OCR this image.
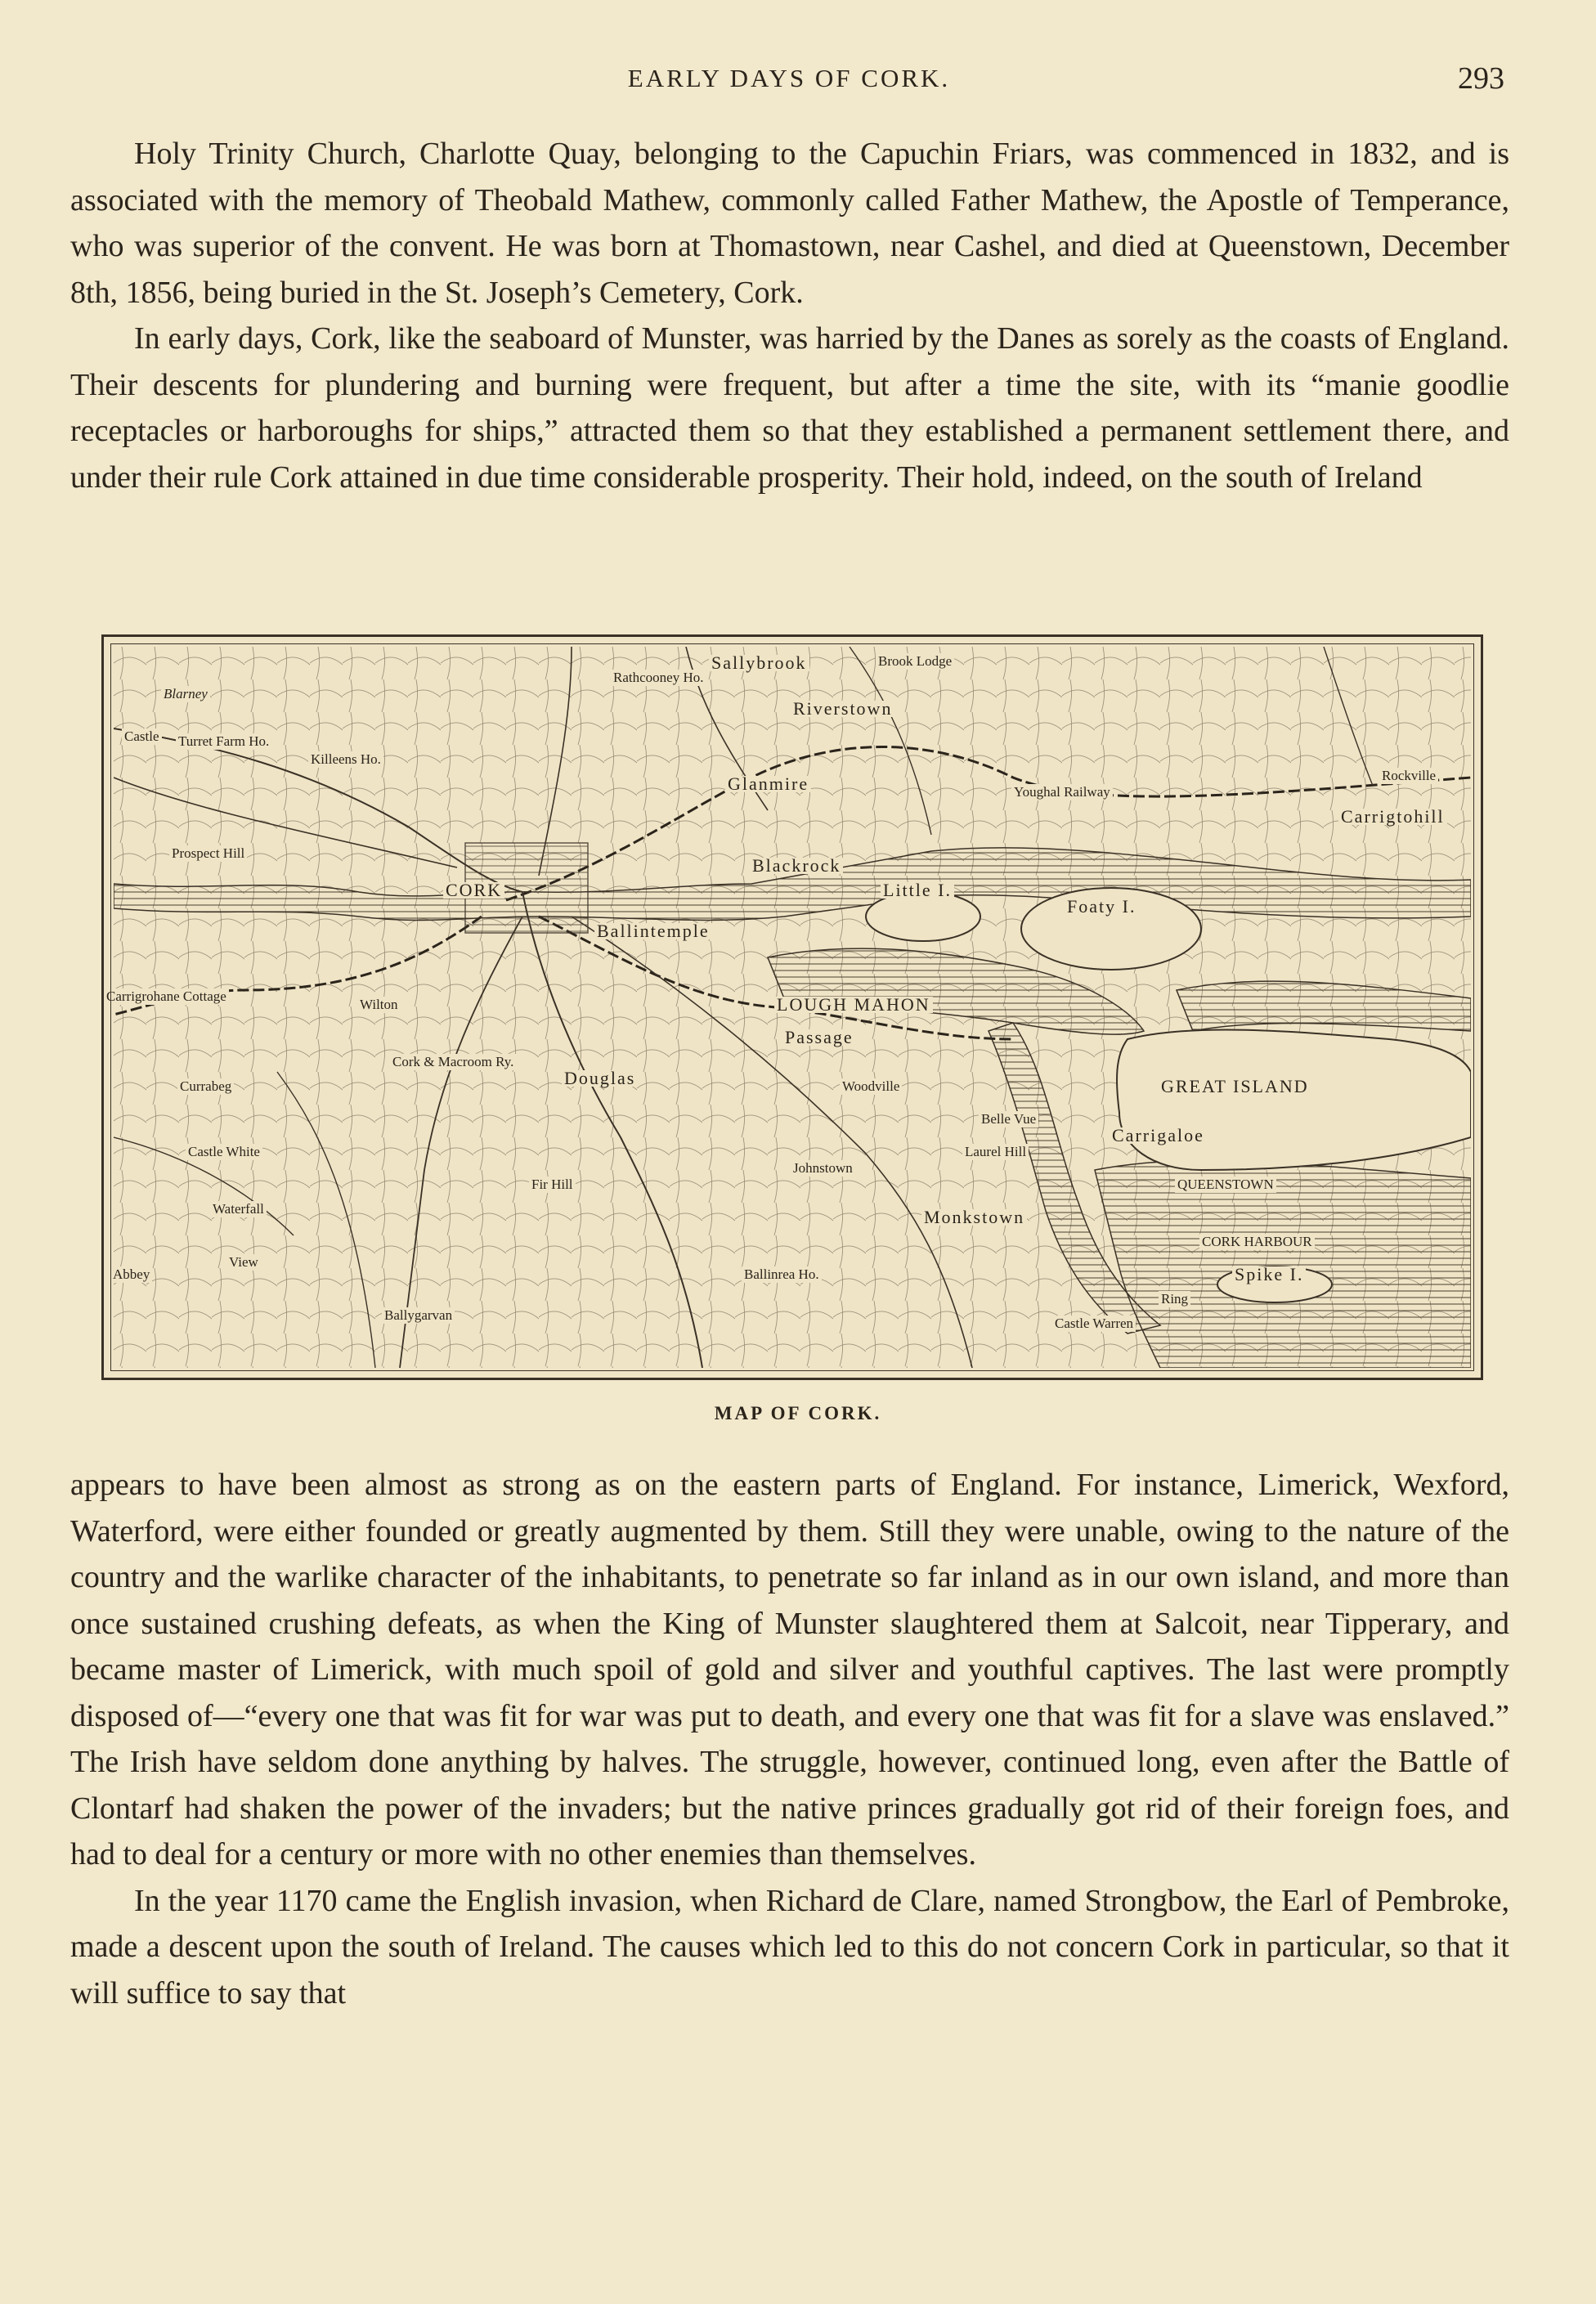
EARLY DAYS OF CORK.	293

Holy Trinity Church, Charlotte Quay, belonging to the Capuchin Friars, was commenced in 1832, and is associated with the memory of Theobald Mathew, commonly called Father Mathew, the Apostle of Temperance, who was superior of the convent. He was born at Thomastown, near Cashel, and died at Queenstown, December 8th, 1856, being buried in the St. Joseph’s Cemetery, Cork.

In early days, Cork, like the seaboard of Munster, was harried by the Danes as sorely as the coasts of England. Their descents for plundering and burning were frequent, but after a time the site, with its “manie goodlie receptacles or harboroughs for ships,” attracted them so that they established a permanent settlement there, and under their rule Cork attained in due time considerable prosperity. Their hold, indeed, on the south of Ireland

Blarney
Castle Turret Farm Ho.
Killeens Ho.
Sallybrook
Rathcooney Ho.
Riverstown
Glanmire
Brook Lodge
CORK
Blackrock
Little I.
Foaty I.
Carrigtohill
Ballintemple
LOUGH MAHON
Passage
Douglas	GREAT ISLAND
Carrigaloe
QUEENSTOWN
Monkstown
CORK HARBOUR
Spike I.
Ring
Castle Warren
Ballygarvan
Ballinrea Ho.
Woodville
Belle Vue
Laurel Hill
Johnstown
Castle White
Waterfall
Currabeg
Wilton
Prospect Hill
Carrigrohane Cottage
Youghal Railway
Cork & Macroom Ry.
Fir Hill
Abbey
View
Rockville
MAP OF CORK.

appears to have been almost as strong as on the eastern parts of England. For instance, Limerick, Wexford, Waterford, were either founded or greatly augmented by them. Still they were unable, owing to the nature of the country and the warlike character of the inhabitants, to penetrate so far inland as in our own island, and more than once sustained crushing defeats, as when the King of Munster slaughtered them at Salcoit, near Tipperary, and became master of Limerick, with much spoil of gold and silver and youthful captives. The last were promptly disposed of—“every one that was fit for war was put to death, and every one that was fit for a slave was enslaved.” The Irish have seldom done anything by halves. The struggle, however, continued long, even after the Battle of Clontarf had shaken the power of the invaders; but the native princes gradually got rid of their foreign foes, and had to deal for a century or more with no other enemies than themselves.

In the year 1170 came the English invasion, when Richard de Clare, named Strongbow, the Earl of Pembroke, made a descent upon the south of Ireland. The causes which led to this do not concern Cork in particular, so that it will suffice to say that
